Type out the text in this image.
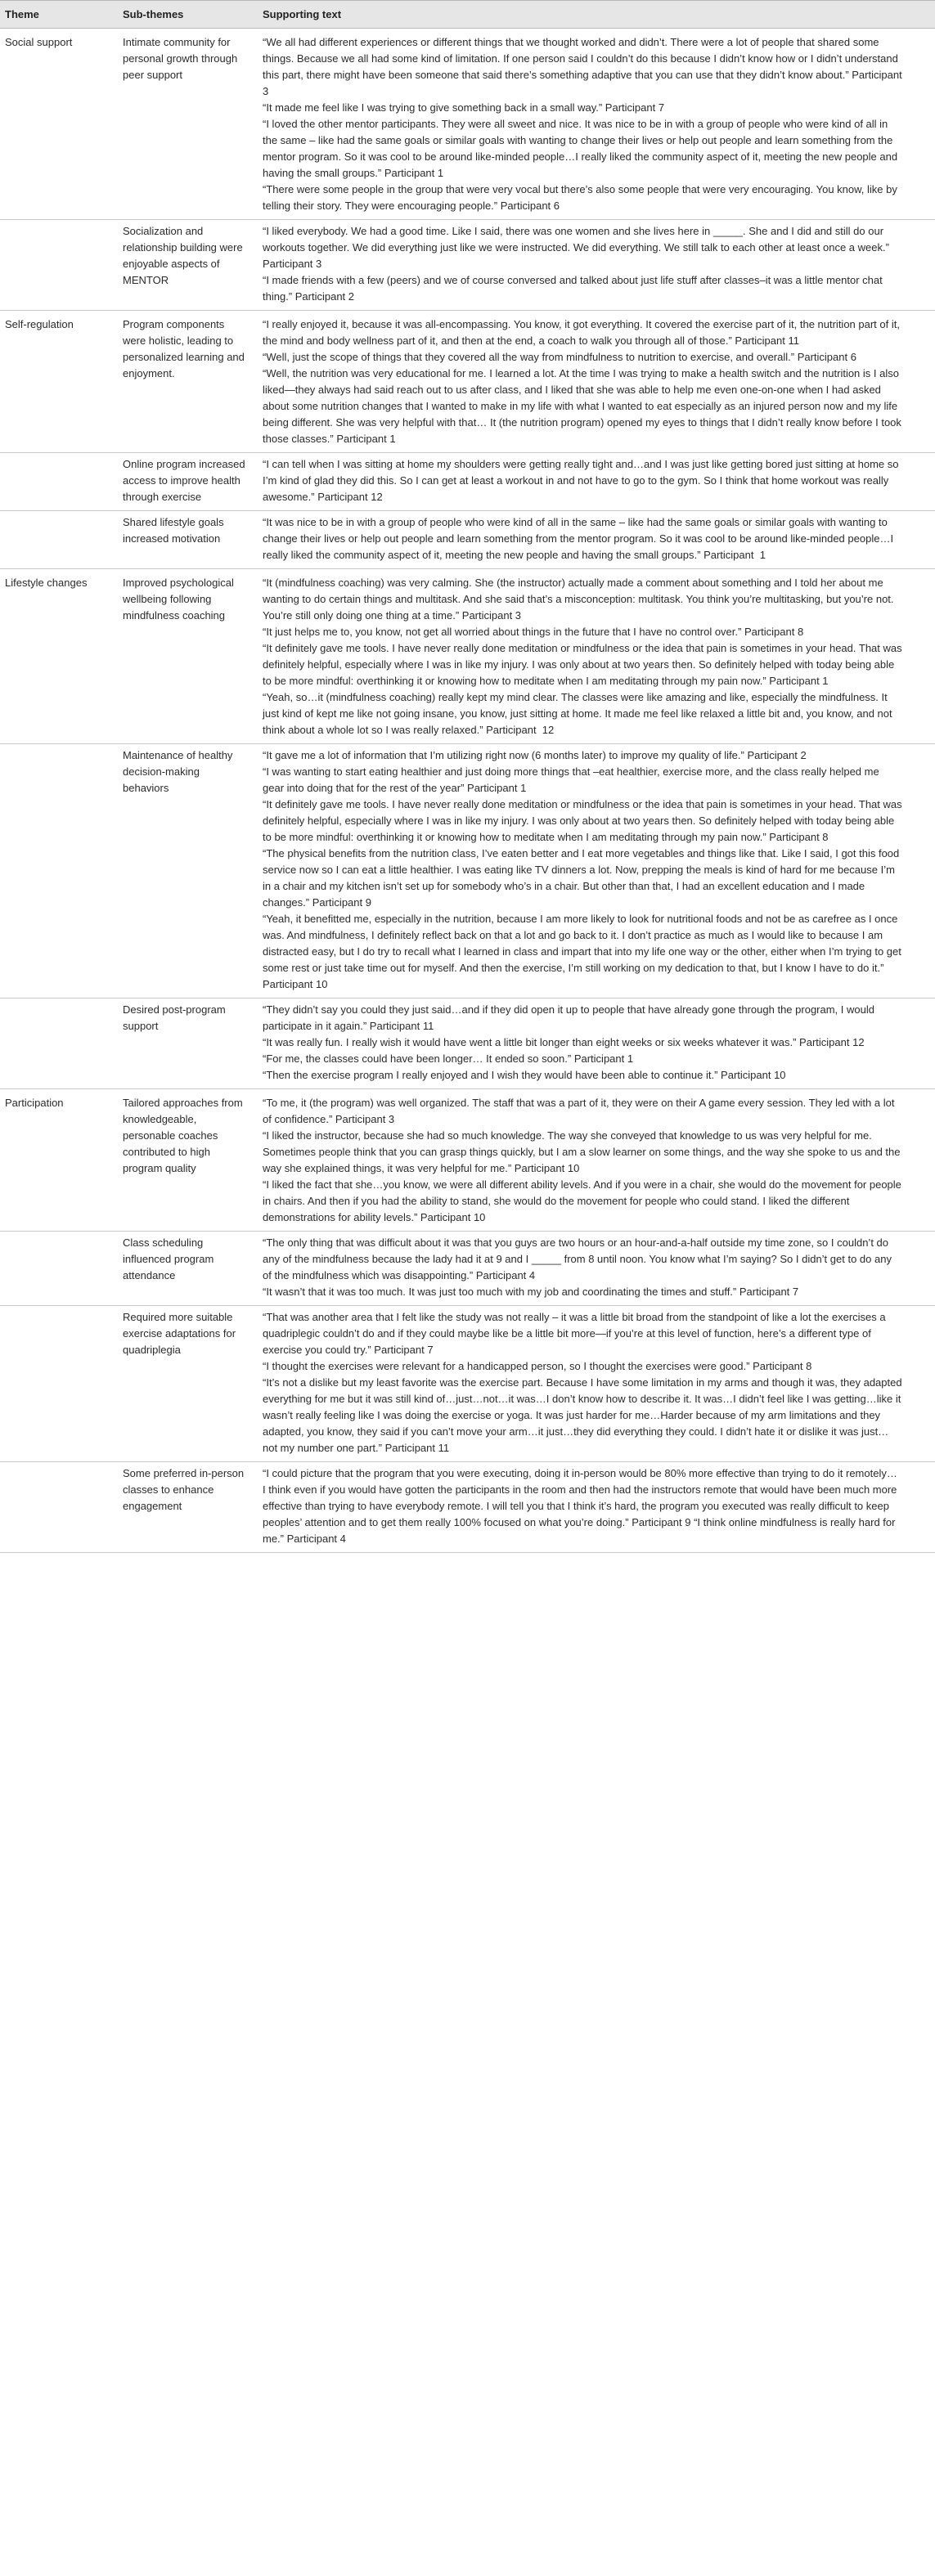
Theme	Sub-themes	Supporting text
Social support	Intimate community for personal growth through peer support	“We all had different experiences or different things that we thought worked and didn’t. There were a lot of people that shared some things. Because we all had some kind of limitation. If one person said I couldn’t do this because I didn’t know how or I didn’t understand this part, there might have been someone that said there’s something adaptive that you can use that they didn’t know about.” Participant 3

“It made me feel like I was trying to give something back in a small way.” Participant 7

“I loved the other mentor participants. They were all sweet and nice. It was nice to be in with a group of people who were kind of all in the same – like had the same goals or similar goals with wanting to change their lives or help out people and learn something from the mentor program. So it was cool to be around like-minded people…I really liked the community aspect of it, meeting the new people and having the small groups.” Participant 1

“There were some people in the group that were very vocal but there’s also some people that were very encouraging. You know, like by telling their story. They were encouraging people.” Participant 6

	Socialization and relationship building were enjoyable aspects of MENTOR	“I liked everybody. We had a good time. Like I said, there was one women and she lives here in _____. She and I did and still do our workouts together. We did everything just like we were instructed. We did everything. We still talk to each other at least once a week.” Participant 3

“I made friends with a few (peers) and we of course conversed and talked about just life stuff after classes–it was a little mentor chat thing.” Participant 2

Self-regulation	Program components were holistic, leading to personalized learning and enjoyment.	“I really enjoyed it, because it was all-encompassing. You know, it got everything. It covered the exercise part of it, the nutrition part of it, the mind and body wellness part of it, and then at the end, a coach to walk you through all of those.” Participant 11

“Well, just the scope of things that they covered all the way from mindfulness to nutrition to exercise, and overall.” Participant 6

“Well, the nutrition was very educational for me. I learned a lot. At the time I was trying to make a health switch and the nutrition is I also liked—they always had said reach out to us after class, and I liked that she was able to help me even one-on-one when I had asked about some nutrition changes that I wanted to make in my life with what I wanted to eat especially as an injured person now and my life being different. She was very helpful with that… It (the nutrition program) opened my eyes to things that I didn’t really know before I took those classes.” Participant 1

	Online program increased access to improve health through exercise	“I can tell when I was sitting at home my shoulders were getting really tight and…and I was just like getting bored just sitting at home so I’m kind of glad they did this. So I can get at least a workout in and not have to go to the gym. So I think that home workout was really awesome.” Participant 12

	Shared lifestyle goals increased motivation	“It was nice to be in with a group of people who were kind of all in the same – like had the same goals or similar goals with wanting to change their lives or help out people and learn something from the mentor program. So it was cool to be around like-minded people…I really liked the community aspect of it, meeting the new people and having the small groups.” Participant  1

Lifestyle changes	Improved psychological wellbeing following mindfulness coaching	“It (mindfulness coaching) was very calming. She (the instructor) actually made a comment about something and I told her about me wanting to do certain things and multitask. And she said that’s a misconception: multitask. You think you’re multitasking, but you’re not. You’re still only doing one thing at a time.” Participant 3

“It just helps me to, you know, not get all worried about things in the future that I have no control over.” Participant 8

“It definitely gave me tools. I have never really done meditation or mindfulness or the idea that pain is sometimes in your head. That was definitely helpful, especially where I was in like my injury. I was only about at two years then. So definitely helped with today being able to be more mindful: overthinking it or knowing how to meditate when I am meditating through my pain now.” Participant 1

“Yeah, so…it (mindfulness coaching) really kept my mind clear. The classes were like amazing and like, especially the mindfulness. It just kind of kept me like not going insane, you know, just sitting at home. It made me feel like relaxed a little bit and, you know, and not think about a whole lot so I was really relaxed.” Participant  12

	Maintenance of healthy decision-making behaviors	“It gave me a lot of information that I’m utilizing right now (6 months later) to improve my quality of life.” Participant 2

“I was wanting to start eating healthier and just doing more things that –eat healthier, exercise more, and the class really helped me gear into doing that for the rest of the year” Participant 1

“It definitely gave me tools. I have never really done meditation or mindfulness or the idea that pain is sometimes in your head. That was definitely helpful, especially where I was in like my injury. I was only about at two years then. So definitely helped with today being able to be more mindful: overthinking it or knowing how to meditate when I am meditating through my pain now.” Participant 8

“The physical benefits from the nutrition class, I’ve eaten better and I eat more vegetables and things like that. Like I said, I got this food service now so I can eat a little healthier. I was eating like TV dinners a lot. Now, prepping the meals is kind of hard for me because I’m in a chair and my kitchen isn’t set up for somebody who’s in a chair. But other than that, I had an excellent education and I made changes.” Participant 9

“Yeah, it benefitted me, especially in the nutrition, because I am more likely to look for nutritional foods and not be as carefree as I once was. And mindfulness, I definitely reflect back on that a lot and go back to it. I don’t practice as much as I would like to because I am distracted easy, but I do try to recall what I learned in class and impart that into my life one way or the other, either when I’m trying to get some rest or just take time out for myself. And then the exercise, I’m still working on my dedication to that, but I know I have to do it.” Participant 10

	Desired post-program support	“They didn’t say you could they just said…and if they did open it up to people that have already gone through the program, I would participate in it again.” Participant 11

“It was really fun. I really wish it would have went a little bit longer than eight weeks or six weeks whatever it was.” Participant 12

“For me, the classes could have been longer… It ended so soon.” Participant 1

“Then the exercise program I really enjoyed and I wish they would have been able to continue it.” Participant 10

Participation	Tailored approaches from knowledgeable, personable coaches contributed to high program quality	“To me, it (the program) was well organized. The staff that was a part of it, they were on their A game every session. They led with a lot of confidence.” Participant 3

“I liked the instructor, because she had so much knowledge. The way she conveyed that knowledge to us was very helpful for me. Sometimes people think that you can grasp things quickly, but I am a slow learner on some things, and the way she spoke to us and the way she explained things, it was very helpful for me.” Participant 10

“I liked the fact that she…you know, we were all different ability levels. And if you were in a chair, she would do the movement for people in chairs. And then if you had the ability to stand, she would do the movement for people who could stand. I liked the different demonstrations for ability levels.” Participant 10

	Class scheduling influenced program attendance	“The only thing that was difficult about it was that you guys are two hours or an hour-and-a-half outside my time zone, so I couldn’t do any of the mindfulness because the lady had it at 9 and I _____ from 8 until noon. You know what I’m saying? So I didn’t get to do any of the mindfulness which was disappointing.” Participant 4

“It wasn’t that it was too much. It was just too much with my job and coordinating the times and stuff.” Participant 7

	Required more suitable exercise adaptations for quadriplegia	“That was another area that I felt like the study was not really – it was a little bit broad from the standpoint of like a lot the exercises a quadriplegic couldn’t do and if they could maybe like be a little bit more—if you’re at this level of function, here’s a different type of exercise you could try.” Participant 7

“I thought the exercises were relevant for a handicapped person, so I thought the exercises were good.” Participant 8

“It’s not a dislike but my least favorite was the exercise part. Because I have some limitation in my arms and though it was, they adapted everything for me but it was still kind of…just…not…it was…I don’t know how to describe it. It was…I didn’t feel like I was getting…like it wasn’t really feeling like I was doing the exercise or yoga. It was just harder for me…Harder because of my arm limitations and they adapted, you know, they said if you can’t move your arm…it just…they did everything they could. I didn’t hate it or dislike it was just…not my number one part.” Participant 11

	Some preferred in-person classes to enhance engagement	“I could picture that the program that you were executing, doing it in-person would be 80% more effective than trying to do it remotely… I think even if you would have gotten the participants in the room and then had the instructors remote that would have been much more effective than trying to have everybody remote. I will tell you that I think it’s hard, the program you executed was really difficult to keep peoples’ attention and to get them really 100% focused on what you’re doing.” Participant 9 “I think online mindfulness is really hard for me.” Participant 4
